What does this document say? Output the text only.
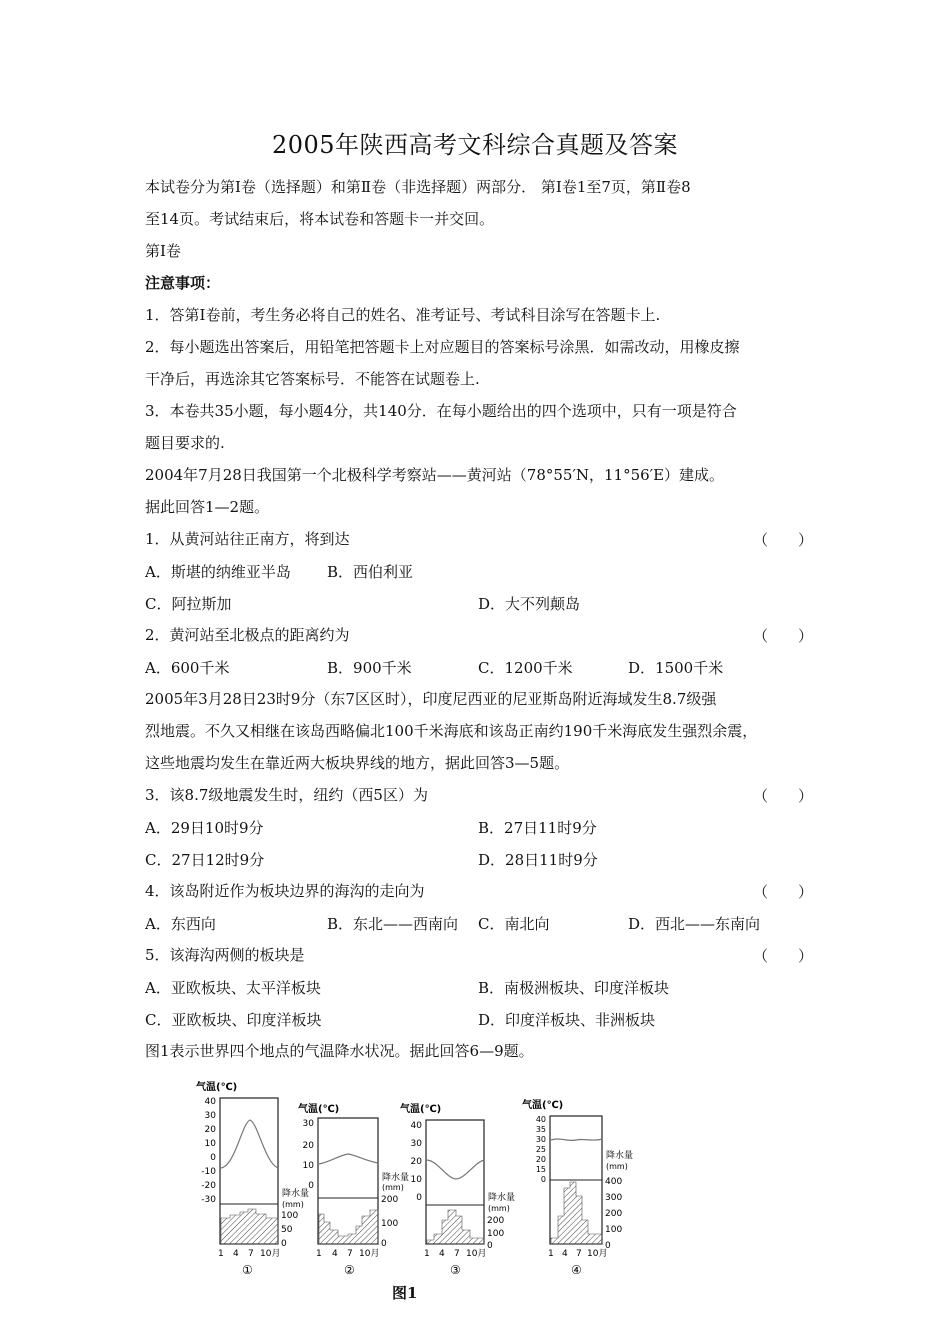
2005年陕西高考文科综合真题及答案
本试卷分为第Ⅰ卷（选择题）和第Ⅱ卷（非选择题）两部分． 第Ⅰ卷1至7页，第Ⅱ卷8
至14页。考试结束后，将本试卷和答题卡一并交回。
第Ⅰ卷
注意事项：
1．答第Ⅰ卷前，考生务必将自己的姓名、准考证号、考试科目涂写在答题卡上.
2．每小题选出答案后，用铅笔把答题卡上对应题目的答案标号涂黑．如需改动，用橡皮擦
干净后，再选涂其它答案标号．不能答在试题卷上.
3．本卷共35小题，每小题4分，共140分．在每小题给出的四个选项中，只有一项是符合
题目要求的.
2004年7月28日我国第一个北极科学考察站——黄河站（78°55′N，11°56′E）建成。
据此回答1—2题。
1．从黄河站往正南方，将到达	（　　）
A．斯堪的纳维亚半岛 B．西伯利亚
C．阿拉斯加	D．大不列颠岛
2．黄河站至北极点的距离约为	（　　）
A．600千米	B．900千米	C．1200千米	D．1500千米
2005年3月28日23时9分（东7区区时），印度尼西亚的尼亚斯岛附近海域发生8.7级强
烈地震。不久又相继在该岛西略偏北100千米海底和该岛正南约190千米海底发生强烈余震，
这些地震均发生在靠近两大板块界线的地方，据此回答3—5题。
3．该8.7级地震发生时，纽约（西5区）为	（　　）
A．29日10时9分	B．27日11时9分
C．27日12时9分	D．28日11时9分
4．该岛附近作为板块边界的海沟的走向为	（　　）
A．东西向	B．东北——西南向 C．南北向	D．西北——东南向
5．该海沟两侧的板块是	（　　）
A．亚欧板块、太平洋板块	B．南极洲板块、印度洋板块
C．亚欧板块、印度洋板块	D．印度洋板块、非洲板块
图1表示世界四个地点的气温降水状况。据此回答6—9题。
气温(℃)
40
30
20
10
0
-10
-20
-30
降水量
(mm)
100
50
0
1 4 7 10月
①
气温(℃)
30
20
10
0
降水量
(mm)
200
100
0
1 4 7 10月
②
气温(℃)
40
30
20
10
0	降水量
(mm)
200
100
0
1 4 7 10月
③
气温(℃)
40
35
30
25
20
15
0
降水量
(mm)
400
300
200
100
0
1 4 7 10月
④
图1
